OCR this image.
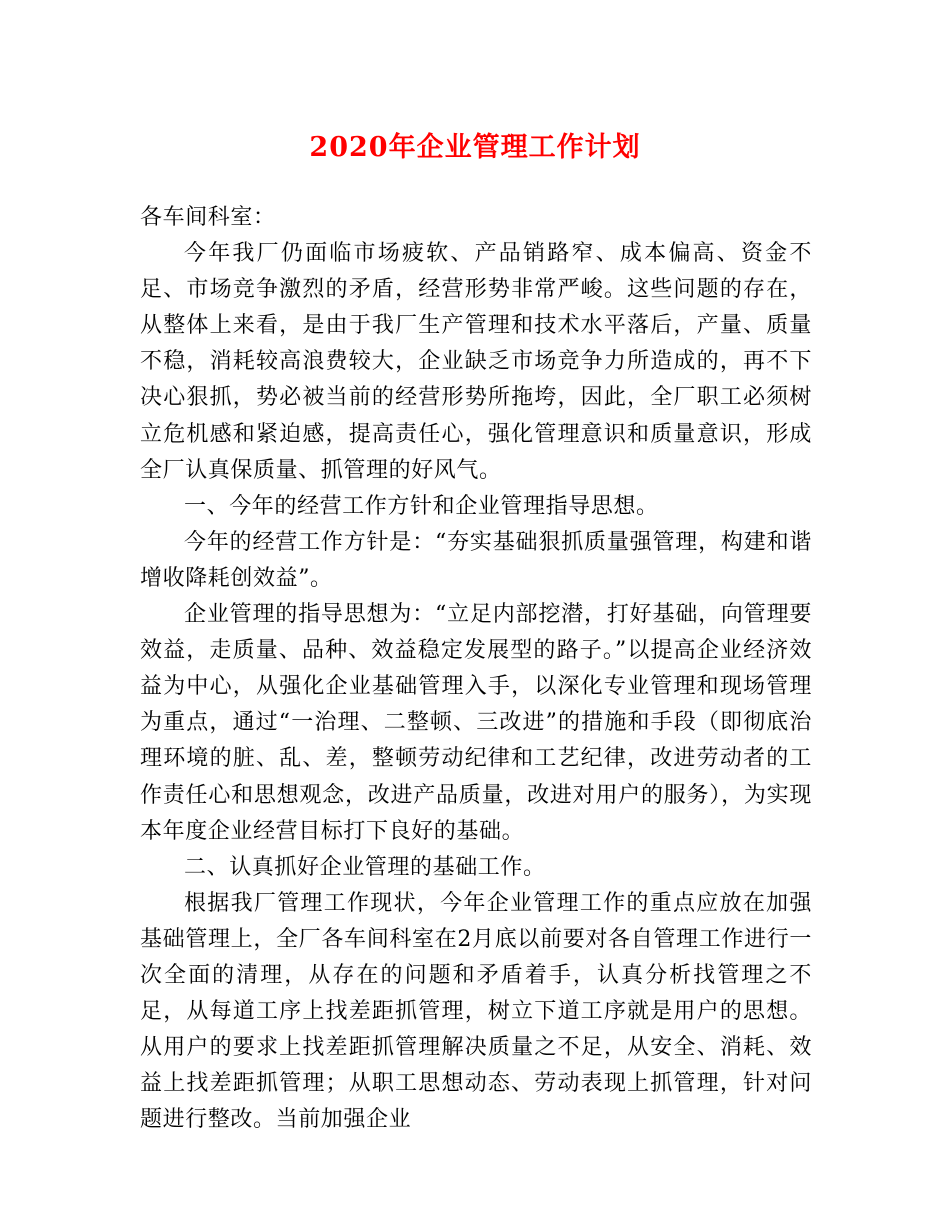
2020年企业管理工作计划

各车间科室：

今年我厂仍面临市场疲软、产品销路窄、成本偏高、资金不足、市场竞争激烈的矛盾，经营形势非常严峻。这些问题的存在，从整体上来看，是由于我厂生产管理和技术水平落后，产量、质量不稳，消耗较高浪费较大，企业缺乏市场竞争力所造成的，再不下决心狠抓，势必被当前的经营形势所拖垮，因此，全厂职工必须树立危机感和紧迫感，提高责任心，强化管理意识和质量意识，形成全厂认真保质量、抓管理的好风气。

一、今年的经营工作方针和企业管理指导思想。

今年的经营工作方针是：“夯实基础狠抓质量强管理，构建和谐增收降耗创效益”。

企业管理的指导思想为：“立足内部挖潜，打好基础，向管理要效益，走质量、品种、效益稳定发展型的路子。”以提高企业经济效益为中心，从强化企业基础管理入手，以深化专业管理和现场管理为重点，通过“一治理、二整顿、三改进”的措施和手段（即彻底治理环境的脏、乱、差，整顿劳动纪律和工艺纪律，改进劳动者的工作责任心和思想观念，改进产品质量，改进对用户的服务），为实现本年度企业经营目标打下良好的基础。

二、认真抓好企业管理的基础工作。

根据我厂管理工作现状，今年企业管理工作的重点应放在加强基础管理上，全厂各车间科室在2月底以前要对各自管理工作进行一次全面的清理，从存在的问题和矛盾着手，认真分析找管理之不足，从每道工序上找差距抓管理，树立下道工序就是用户的思想。从用户的要求上找差距抓管理解决质量之不足，从安全、消耗、效益上找差距抓管理；从职工思想动态、劳动表现上抓管理，针对问题进行整改。当前加强企业
